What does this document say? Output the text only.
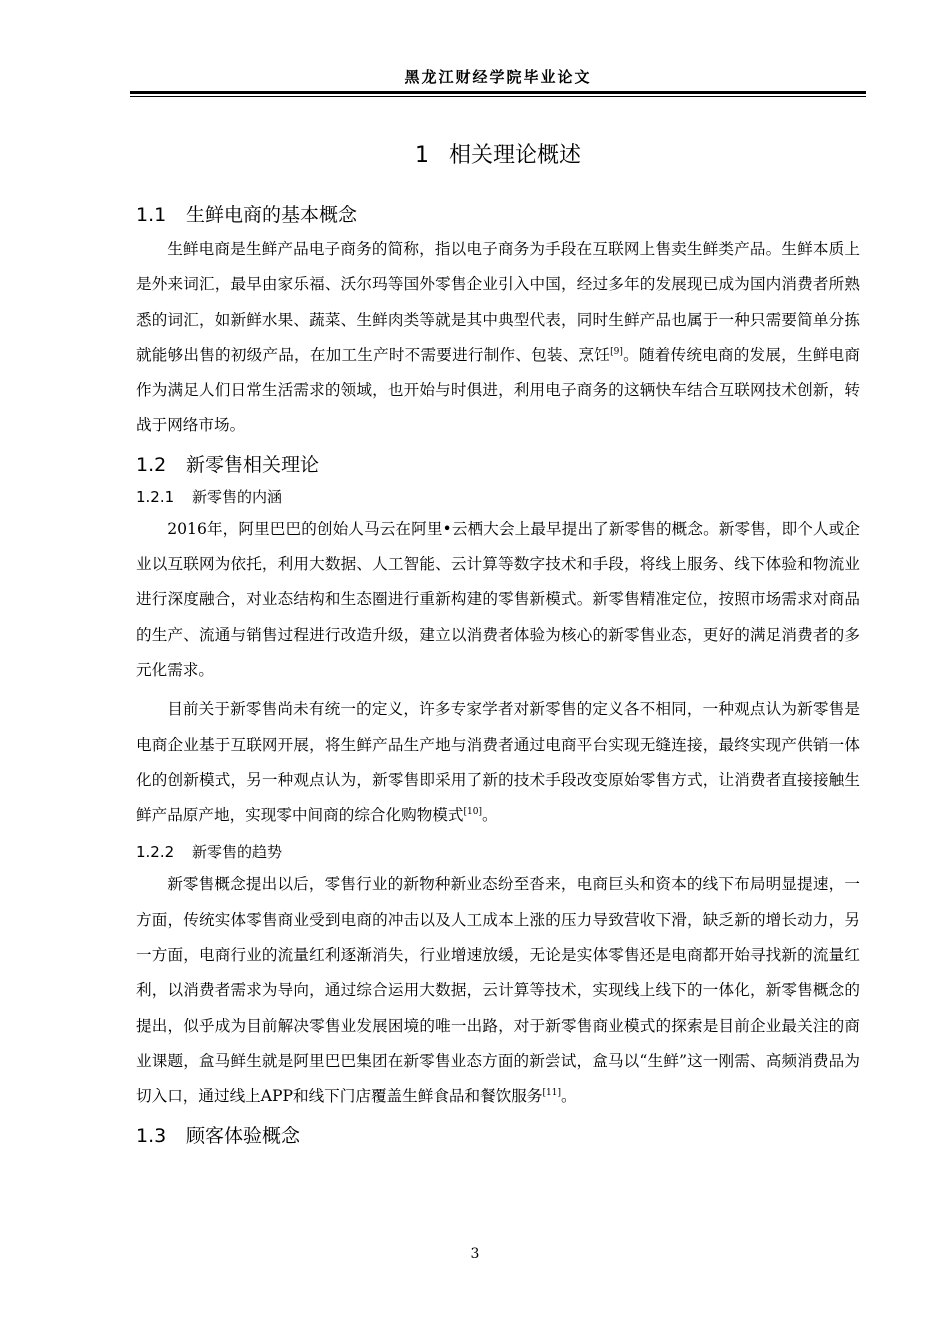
黑龙江财经学院毕业论文
1 相关理论概述
1.1 生鲜电商的基本概念

生鲜电商是生鲜产品电子商务的简称，指以电子商务为手段在互联网上售卖生鲜类产品。生鲜本质上是外来词汇，最早由家乐福、沃尔玛等国外零售企业引入中国，经过多年的发展现已成为国内消费者所熟悉的词汇，如新鲜水果、蔬菜、生鲜肉类等就是其中典型代表，同时生鲜产品也属于一种只需要简单分拣就能够出售的初级产品，在加工生产时不需要进行制作、包装、烹饪[9]。随着传统电商的发展，生鲜电商作为满足人们日常生活需求的领域，也开始与时俱进，利用电子商务的这辆快车结合互联网技术创新，转战于网络市场。

1.2 新零售相关理论
1.2.1 新零售的内涵

2016年，阿里巴巴的创始人马云在阿里•云栖大会上最早提出了新零售的概念。新零售，即个人或企业以互联网为依托，利用大数据、人工智能、云计算等数字技术和手段，将线上服务、线下体验和物流业进行深度融合，对业态结构和生态圈进行重新构建的零售新模式。新零售精准定位，按照市场需求对商品的生产、流通与销售过程进行改造升级，建立以消费者体验为核心的新零售业态，更好的满足消费者的多元化需求。

目前关于新零售尚未有统一的定义，许多专家学者对新零售的定义各不相同，一种观点认为新零售是电商企业基于互联网开展，将生鲜产品生产地与消费者通过电商平台实现无缝连接，最终实现产供销一体化的创新模式，另一种观点认为，新零售即采用了新的技术手段改变原始零售方式，让消费者直接接触生鲜产品原产地，实现零中间商的综合化购物模式[10]。

1.2.2 新零售的趋势

新零售概念提出以后，零售行业的新物种新业态纷至沓来，电商巨头和资本的线下布局明显提速，一方面，传统实体零售商业受到电商的冲击以及人工成本上涨的压力导致营收下滑，缺乏新的增长动力，另一方面，电商行业的流量红利逐渐消失，行业增速放缓，无论是实体零售还是电商都开始寻找新的流量红利，以消费者需求为导向，通过综合运用大数据，云计算等技术，实现线上线下的一体化，新零售概念的提出，似乎成为目前解决零售业发展困境的唯一出路，对于新零售商业模式的探索是目前企业最关注的商业课题，盒马鲜生就是阿里巴巴集团在新零售业态方面的新尝试，盒马以“生鲜”这一刚需、高频消费品为切入口，通过线上APP和线下门店覆盖生鲜食品和餐饮服务[11]。

1.3 顾客体验概念
3
